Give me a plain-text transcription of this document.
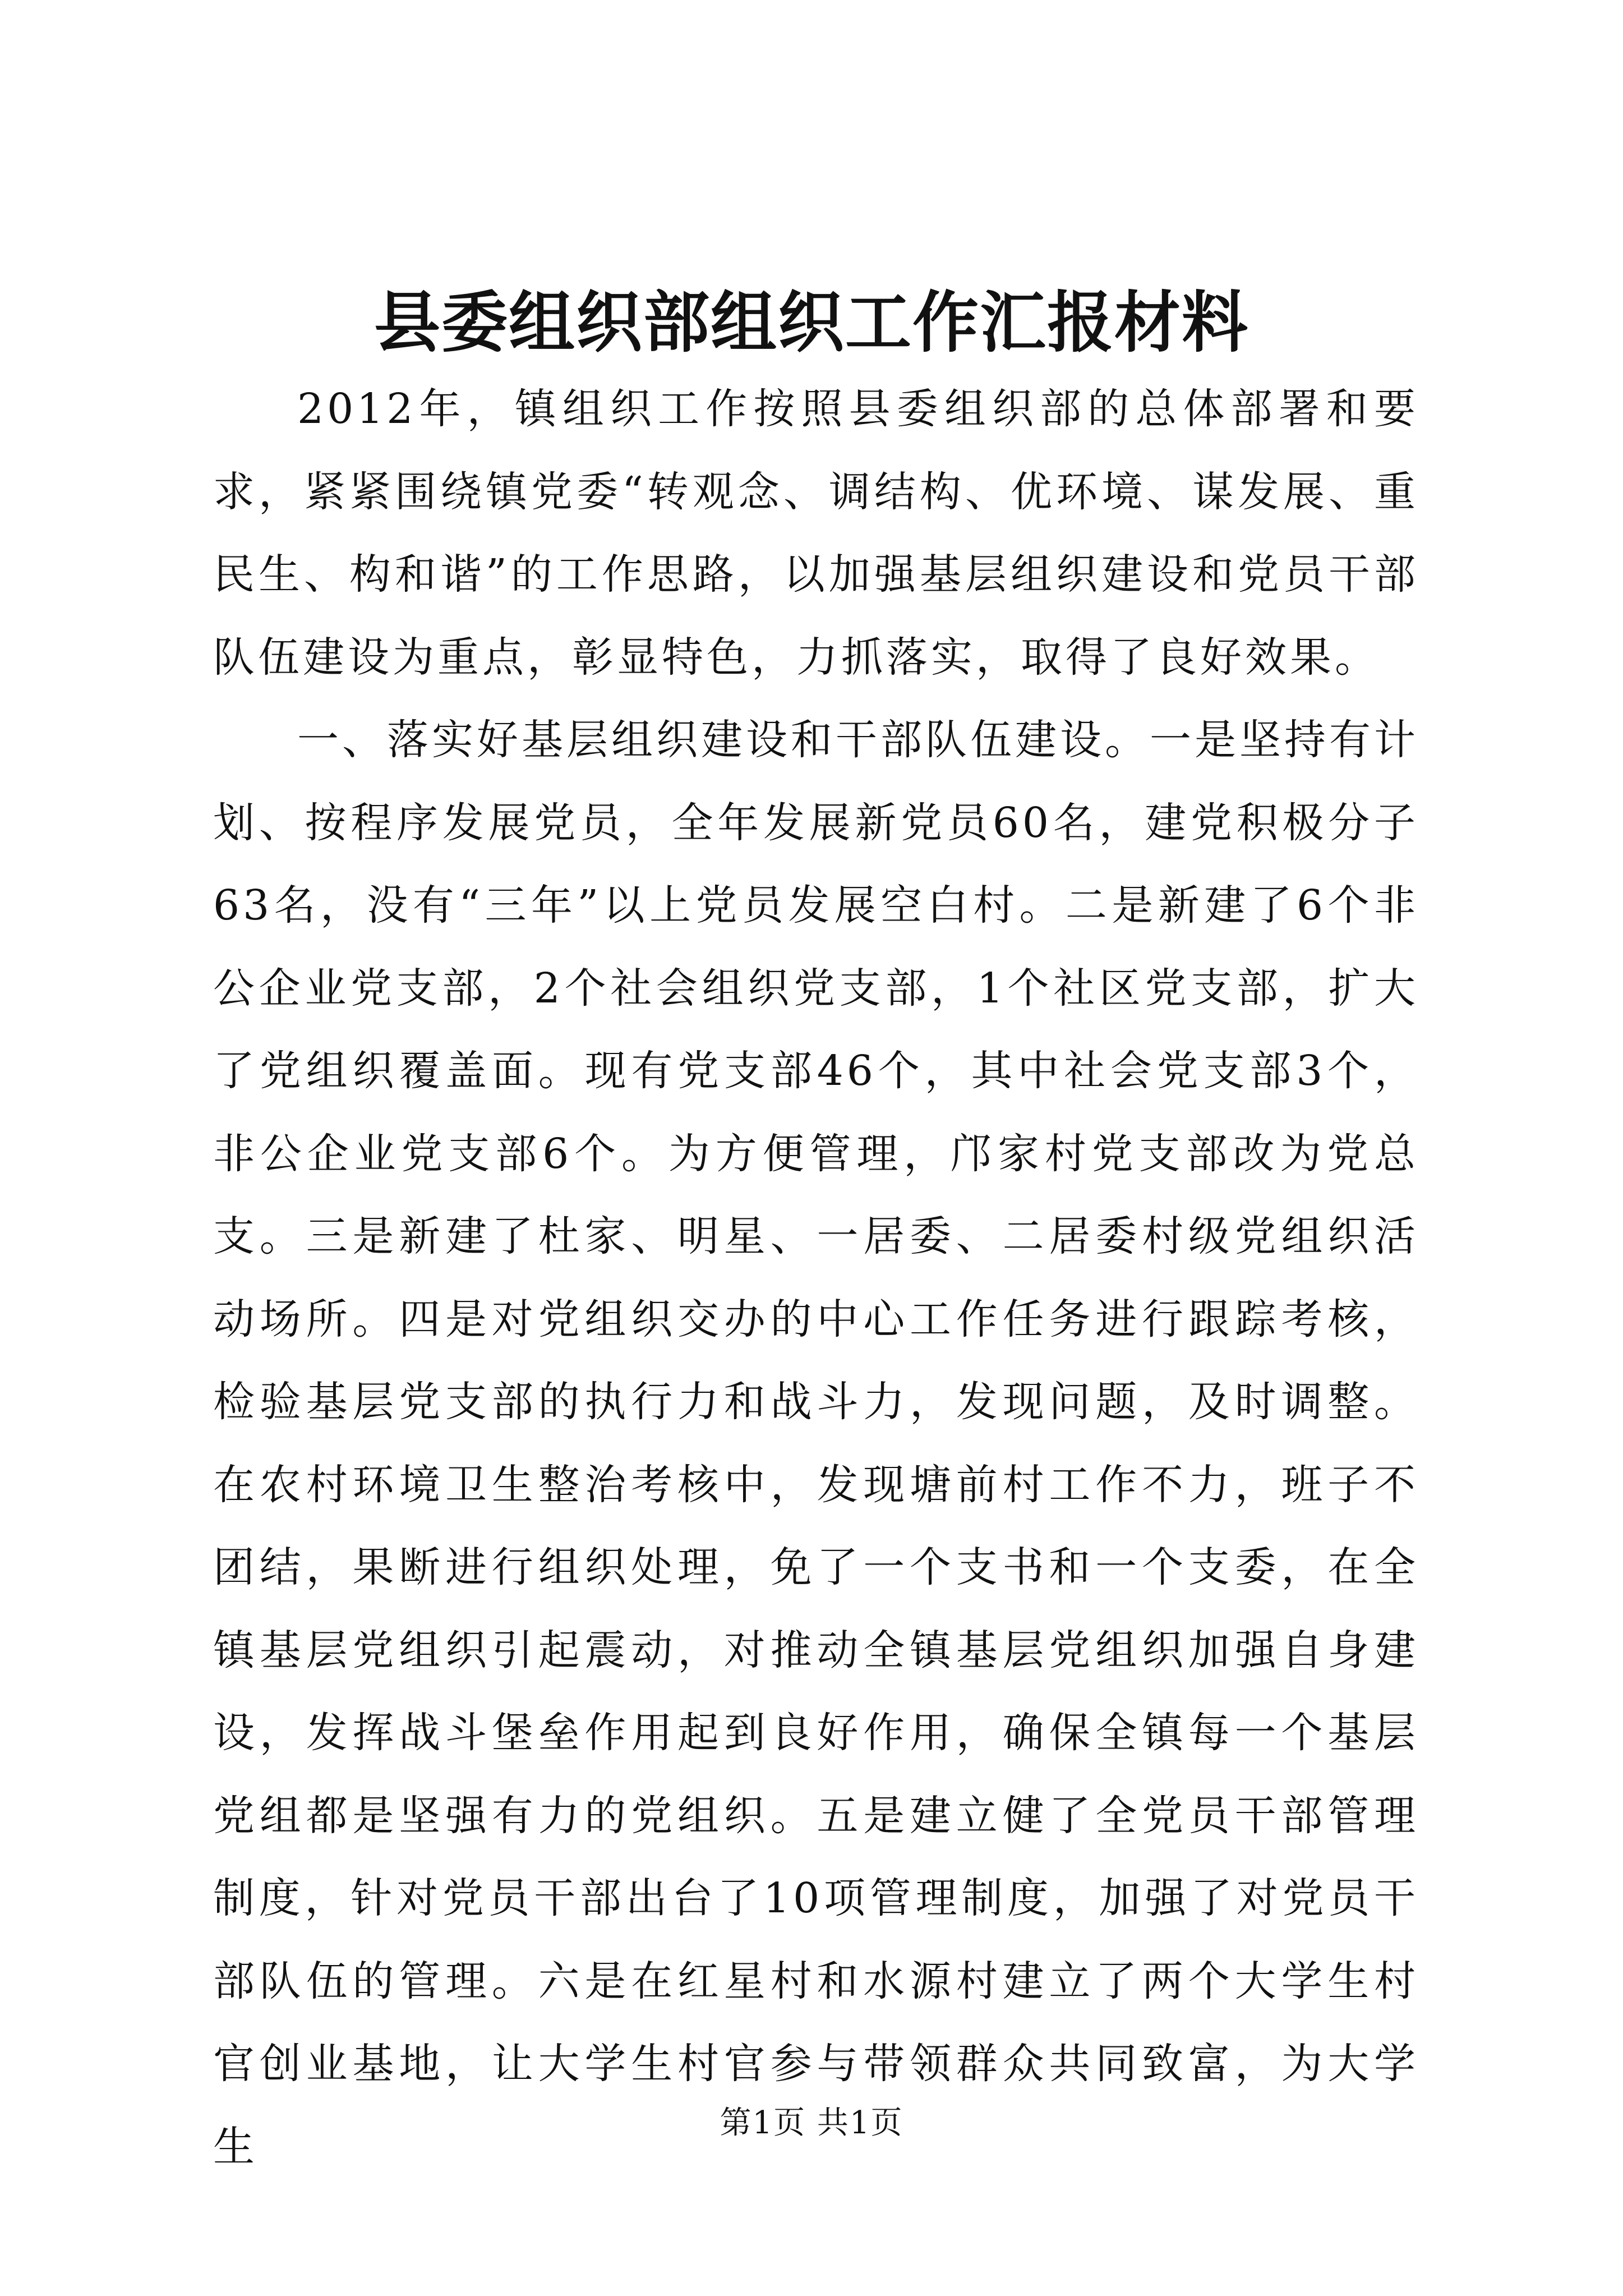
县委组织部组织工作汇报材料

2012年，镇组织工作按照县委组织部的总体部署和要求，紧紧围绕镇党委“转观念、调结构、优环境、谋发展、重民生、构和谐”的工作思路，以加强基层组织建设和党员干部队伍建设为重点，彰显特色，力抓落实，取得了良好效果。

一、落实好基层组织建设和干部队伍建设。一是坚持有计划、按程序发展党员，全年发展新党员60名，建党积极分子63名，没有“三年”以上党员发展空白村。二是新建了6个非公企业党支部，2个社会组织党支部，1个社区党支部，扩大了党组织覆盖面。现有党支部46个，其中社会党支部3个，非公企业党支部6个。为方便管理，邝家村党支部改为党总支。三是新建了杜家、明星、一居委、二居委村级党组织活动场所。四是对党组织交办的中心工作任务进行跟踪考核，检验基层党支部的执行力和战斗力，发现问题，及时调整。在农村环境卫生整治考核中，发现塘前村工作不力，班子不团结，果断进行组织处理，免了一个支书和一个支委，在全镇基层党组织引起震动，对推动全镇基层党组织加强自身建设，发挥战斗堡垒作用起到良好作用，确保全镇每一个基层党组都是坚强有力的党组织。五是建立健了全党员干部管理制度，针对党员干部出台了10项管理制度，加强了对党员干部队伍的管理。六是在红星村和水源村建立了两个大学生村官创业基地，让大学生村官参与带领群众共同致富，为大学生	第1页 共1页
